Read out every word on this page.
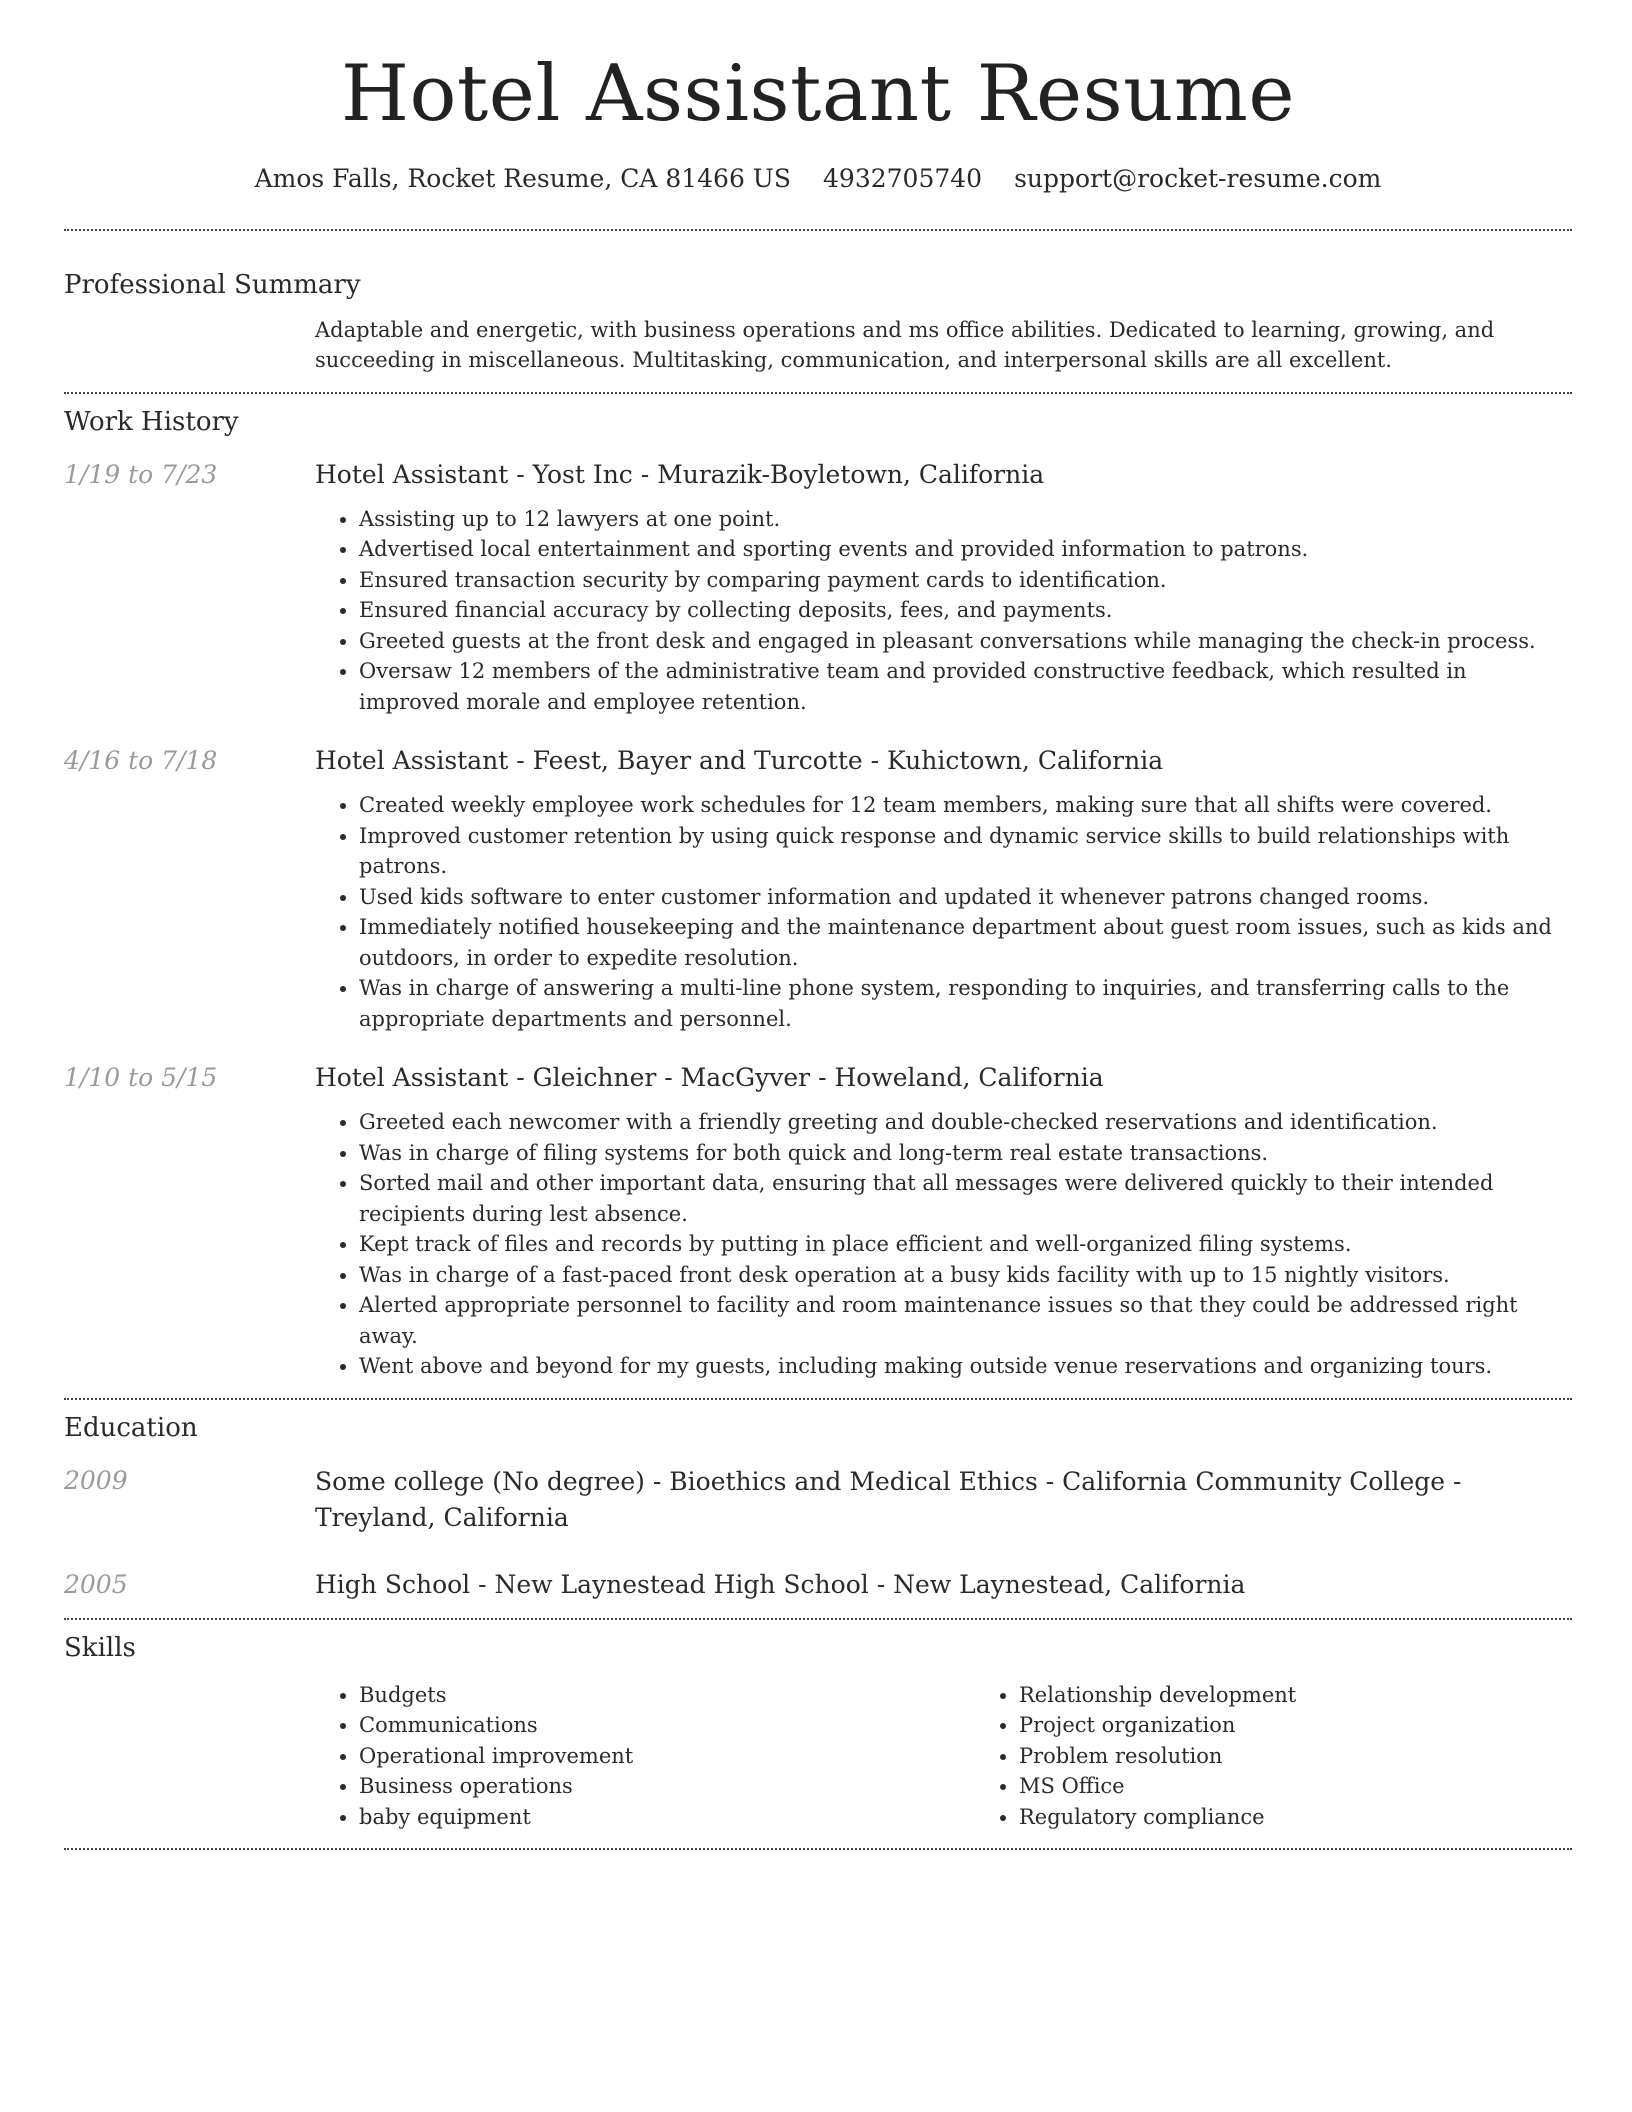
Hotel Assistant Resume
Amos Falls, Rocket Resume, CA 81466 US 4932705740 support@rocket-resume.com
Professional Summary
Adaptable and energetic, with business operations and ms office abilities. Dedicated to learning, growing, and succeeding in miscellaneous. Multitasking, communication, and interpersonal skills are all excellent.
Work History
1/19 to 7/23	Hotel Assistant - Yost Inc - Murazik-Boyletown, California
• Assisting up to 12 lawyers at one point.
• Advertised local entertainment and sporting events and provided information to patrons.
• Ensured transaction security by comparing payment cards to identification.
• Ensured financial accuracy by collecting deposits, fees, and payments.
• Greeted guests at the front desk and engaged in pleasant conversations while managing the check-in process.
• Oversaw 12 members of the administrative team and provided constructive feedback, which resulted in improved morale and employee retention.
4/16 to 7/18	Hotel Assistant - Feest, Bayer and Turcotte - Kuhictown, California
• Created weekly employee work schedules for 12 team members, making sure that all shifts were covered.
• Improved customer retention by using quick response and dynamic service skills to build relationships with patrons.
• Used kids software to enter customer information and updated it whenever patrons changed rooms.
• Immediately notified housekeeping and the maintenance department about guest room issues, such as kids and outdoors, in order to expedite resolution.
• Was in charge of answering a multi-line phone system, responding to inquiries, and transferring calls to the appropriate departments and personnel.
1/10 to 5/15	Hotel Assistant - Gleichner - MacGyver - Howeland, California
• Greeted each newcomer with a friendly greeting and double-checked reservations and identification.
• Was in charge of filing systems for both quick and long-term real estate transactions.
• Sorted mail and other important data, ensuring that all messages were delivered quickly to their intended recipients during lest absence.
• Kept track of files and records by putting in place efficient and well-organized filing systems.
• Was in charge of a fast-paced front desk operation at a busy kids facility with up to 15 nightly visitors.
• Alerted appropriate personnel to facility and room maintenance issues so that they could be addressed right away.
• Went above and beyond for my guests, including making outside venue reservations and organizing tours.
Education
2009	Some college (No degree) - Bioethics and Medical Ethics - California Community College - Treyland, California
2005	High School - New Laynestead High School - New Laynestead, California
Skills
• Budgets
• Communications
• Operational improvement
• Business operations
• baby equipment
• Relationship development
• Project organization
• Problem resolution
• MS Office
• Regulatory compliance
